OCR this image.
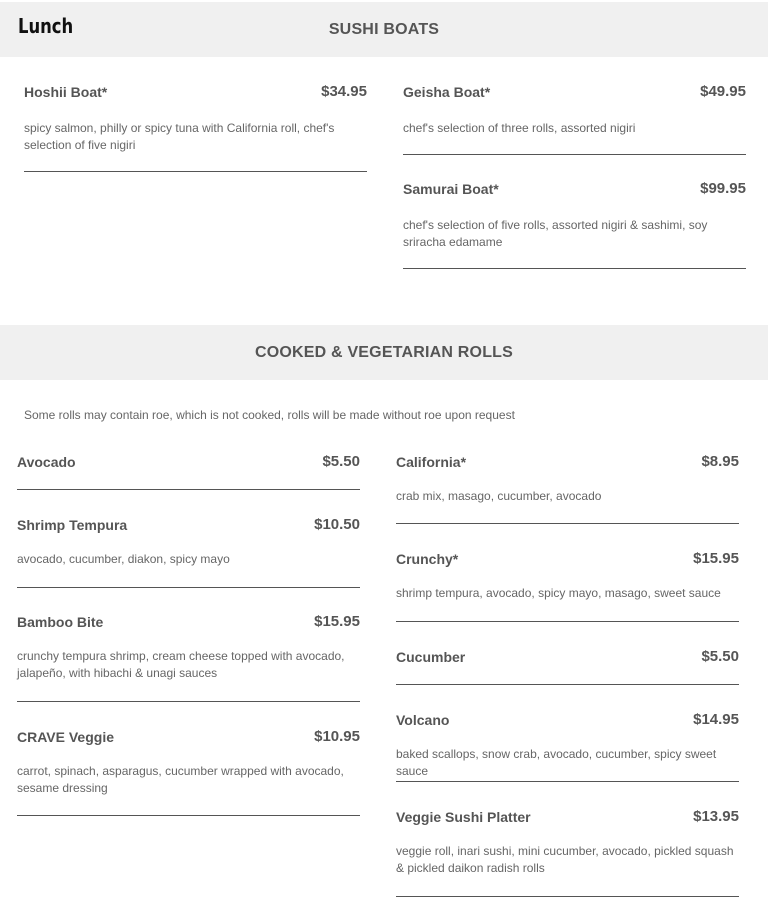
Lunch	SUSHI BOATS
Hoshii Boat*	$34.95
spicy salmon, philly or spicy tuna with California roll, chef's selection of five nigiri
Geisha Boat*	$49.95
chef's selection of three rolls, assorted nigiri
Samurai Boat*	$99.95
chef's selection of five rolls, assorted nigiri & sashimi, soy sriracha edamame
COOKED & VEGETARIAN ROLLS
Some rolls may contain roe, which is not cooked, rolls will be made without roe upon request
Avocado	$5.50
Shrimp Tempura	$10.50
avocado, cucumber, diakon, spicy mayo
Bamboo Bite	$15.95
crunchy tempura shrimp, cream cheese topped with avocado, jalapeño, with hibachi & unagi sauces
CRAVE Veggie	$10.95
carrot, spinach, asparagus, cucumber wrapped with avocado, sesame dressing
California*	$8.95
crab mix, masago, cucumber, avocado
Crunchy*	$15.95
shrimp tempura, avocado, spicy mayo, masago, sweet sauce
Cucumber	$5.50
Volcano	$14.95
baked scallops, snow crab, avocado, cucumber, spicy sweet sauce
Veggie Sushi Platter	$13.95
veggie roll, inari sushi, mini cucumber, avocado, pickled squash & pickled daikon radish rolls
